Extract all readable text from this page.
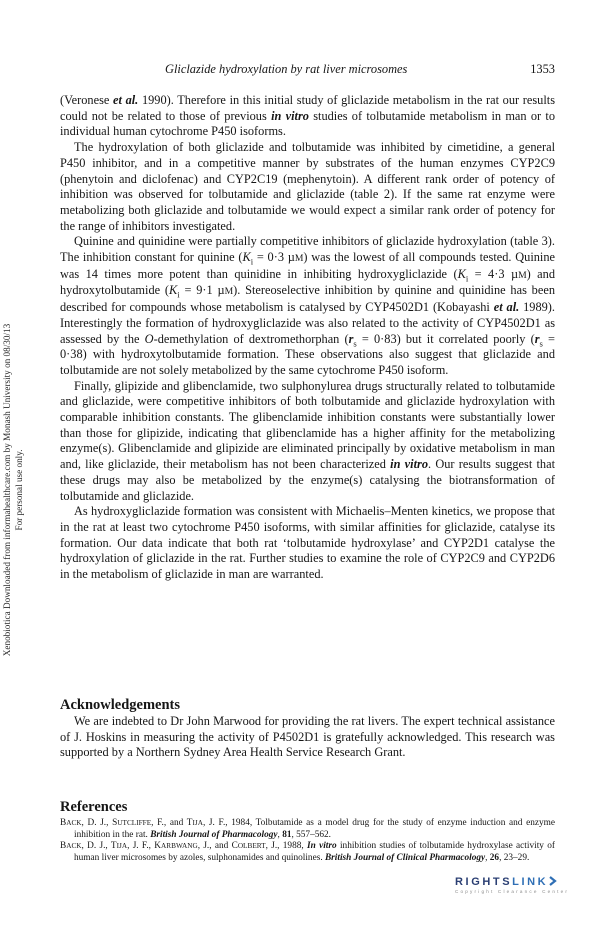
Gliclazide hydroxylation by rat liver microsomes	1353
Xenobiotica Downloaded from informahealthcare.com by Monash University on 08/30/13 For personal use only.

(Veronese et al. 1990). Therefore in this initial study of gliclazide metabolism in the rat our results could not be related to those of previous in vitro studies of tolbutamide metabolism in man or to individual human cytochrome P450 isoforms.

The hydroxylation of both gliclazide and tolbutamide was inhibited by cimetidine, a general P450 inhibitor, and in a competitive manner by substrates of the human enzymes CYP2C9 (phenytoin and diclofenac) and CYP2C19 (mephenytoin). A different rank order of potency of inhibition was observed for tolbutamide and gliclazide (table 2). If the same rat enzyme were metabolizing both gliclazide and tolbutamide we would expect a similar rank order of potency for the range of inhibitors investigated.

Quinine and quinidine were partially competitive inhibitors of gliclazide hydroxylation (table 3). The inhibition constant for quinine ($K_i = 0\cdot 3$ µM) was the lowest of all compounds tested. Quinine was 14 times more potent than quinidine in inhibiting hydroxygliclazide ($K_i = 4\cdot 3$ µM) and hydroxytolbutamide ($K_i = 9\cdot 1$ µM). Stereoselective inhibition by quinine and quinidine has been described for compounds whose metabolism is catalysed by CYP4502D1 (Kobayashi et al. 1989). Interestingly the formation of hydroxygliclazide was also related to the activity of CYP4502D1 as assessed by the O-demethylation of dextromethorphan $(r_s = 0\cdot 83)$ but it correlated poorly $(r_s = 0\cdot 38)$ with hydroxytolbutamide formation. These observations also suggest that gliclazide and tolbutamide are not solely metabolized by the same cytochrome P450 isoform.

Finally, glipizide and glibenclamide, two sulphonylurea drugs structurally related to tolbutamide and gliclazide, were competitive inhibitors of both tolbutamide and gliclazide hydroxylation with comparable inhibition constants. The glibenclamide inhibition constants were substantially lower than those for glipizide, indicating that glibenclamide has a higher affinity for the metabolizing enzyme(s). Glibenclamide and glipizide are eliminated principally by oxidative metabolism in man and, like gliclazide, their metabolism has not been characterized in vitro. Our results suggest that these drugs may also be metabolized by the enzyme(s) catalysing the biotransformation of tolbutamide and gliclazide.

As hydroxygliclazide formation was consistent with Michaelis–Menten kinetics, we propose that in the rat at least two cytochrome P450 isoforms, with similar affinities for gliclazide, catalyse its formation. Our data indicate that both rat ‘tolbutamide hydroxylase’ and CYP2D1 catalyse the hydroxylation of gliclazide in the rat. Further studies to examine the role of CYP2C9 and CYP2D6 in the metabolism of gliclazide in man are warranted.

Acknowledgements

We are indebted to Dr John Marwood for providing the rat livers. The expert technical assistance of J. Hoskins in measuring the activity of P4502D1 is gratefully acknowledged. This research was supported by a Northern Sydney Area Health Service Research Grant.

References
BACK, D. J., SUTCLIFFE, F., and TIJA, J. F., 1984, Tolbutamide as a model drug for the study of enzyme induction and enzyme inhibition in the rat. British Journal of Pharmacology, 81, 557–562.
BACK, D. J., TIJA, J. F., KARBWANG, J., and COLBERT, J., 1988, In vitro inhibition studies of tolbutamide hydroxylase activity of human liver microsomes by azoles, sulphonamides and quinolines. British Journal of Clinical Pharmacology, 26, 23–29.
RIGHTSLINK
Copyright Clearance Center
